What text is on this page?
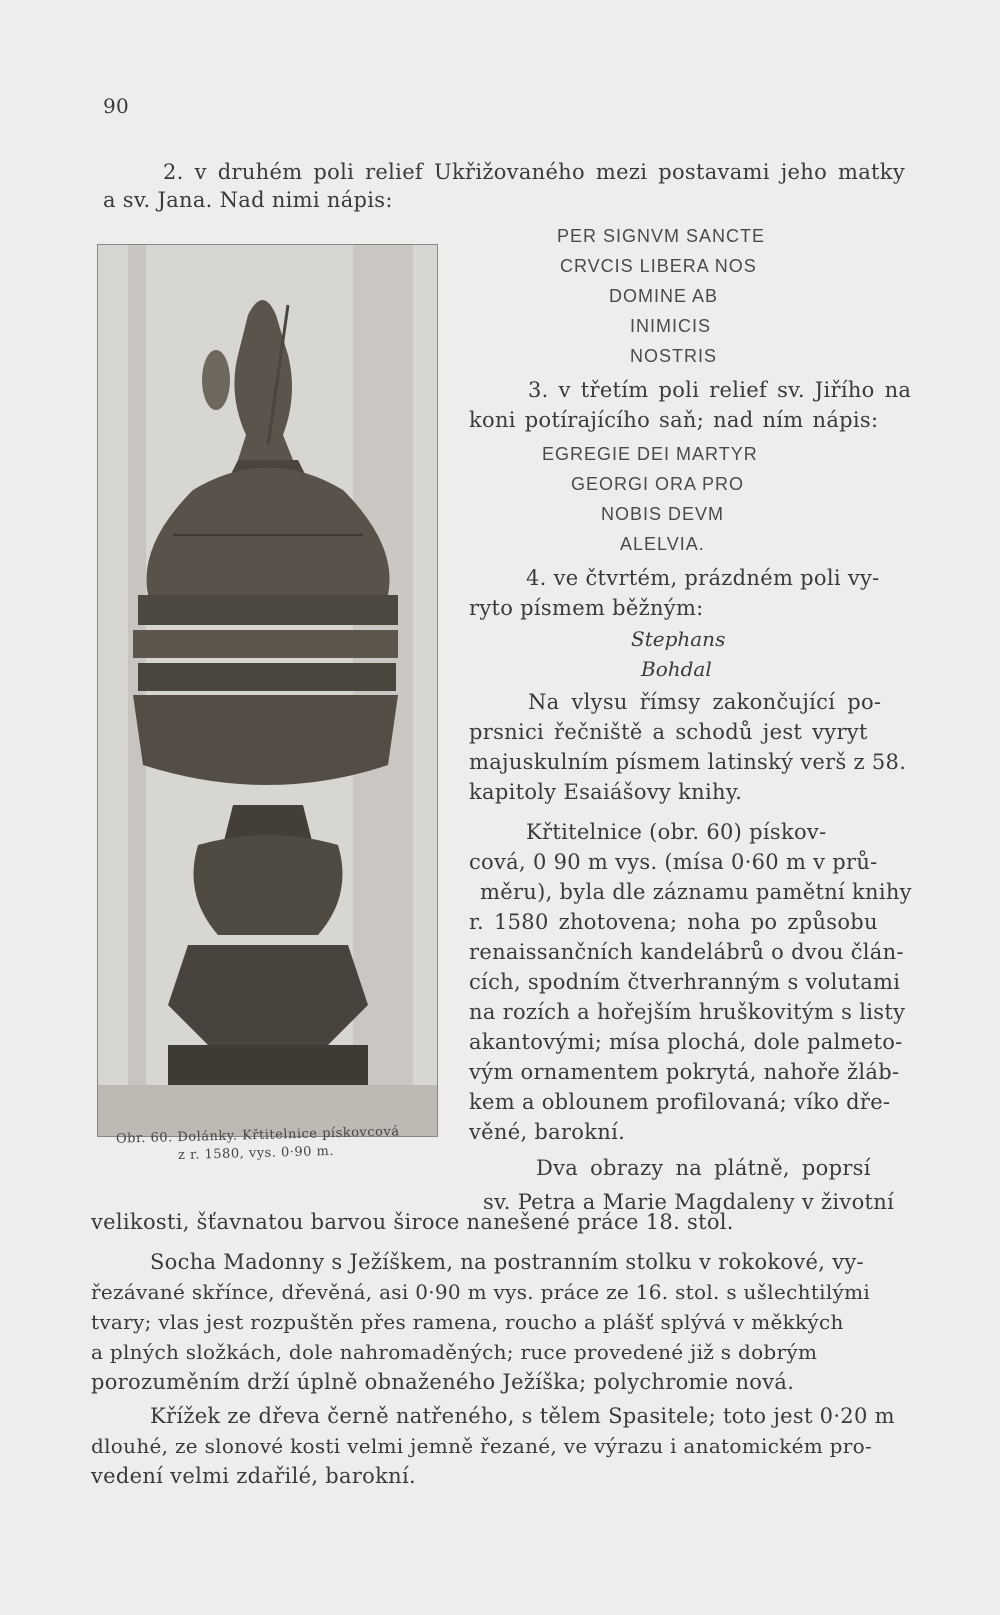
90
2. v druhém poli relief Ukřižovaného mezi postavami jeho matky
a sv. Jana. Nad nimi nápis:
PER SIGNVM SANCTE
CRVCIS LIBERA NOS
DOMINE AB
INIMICIS
NOSTRIS
3. v třetím poli relief sv. Jiřího na
koni potírajícího saň; nad ním nápis:
EGREGIE DEI MARTYR
GEORGI ORA PRO
NOBIS DEVM
ALELVIA.
4. ve čtvrtém, prázdném poli vy-
ryto písmem běžným:
Stephans
Bohdal
Na vlysu římsy zakončující po-
prsnici řečniště a schodů jest vyryt
majuskulním písmem latinský verš z 58.
kapitoly Esaiášovy knihy.
Křtitelnice (obr. 60) pískov-
cová, 0 90 m vys. (mísa 0·60 m v prů-
měru), byla dle záznamu pamětní knihy
r. 1580 zhotovena; noha po způsobu
renaissančních kandelábrů o dvou člán-
cích, spodním čtverhranným s volutami
na rozích a hořejším hruškovitým s listy
akantovými; mísa plochá, dole palmeto-
vým ornamentem pokrytá, nahoře žláb-
kem a oblounem profilovaná; víko dře-
věné, barokní.
Dva obrazy na plátně, poprsí
sv. Petra a Marie Magdaleny v životní
velikosti, šťavnatou barvou široce nanešené práce 18. stol.
Socha Madonny s Ježíškem, na postranním stolku v rokokové, vy-
řezávané skřínce, dřevěná, asi 0·90 m vys. práce ze 16. stol. s ušlechtilými
tvary; vlas jest rozpuštěn přes ramena, roucho a plášť splývá v měkkých
a plných složkách, dole nahromaděných; ruce provedené již s dobrým
porozuměním drží úplně obnaženého Ježíška; polychromie nová.
Křížek ze dřeva černě natřeného, s tělem Spasitele; toto jest 0·20 m
dlouhé, ze slonové kosti velmi jemně řezané, ve výrazu i anatomickém pro-
vedení velmi zdařilé, barokní.
Obr. 60. Dolánky. Křtitelnice pískovcová
z r. 1580, vys. 0·90 m.
